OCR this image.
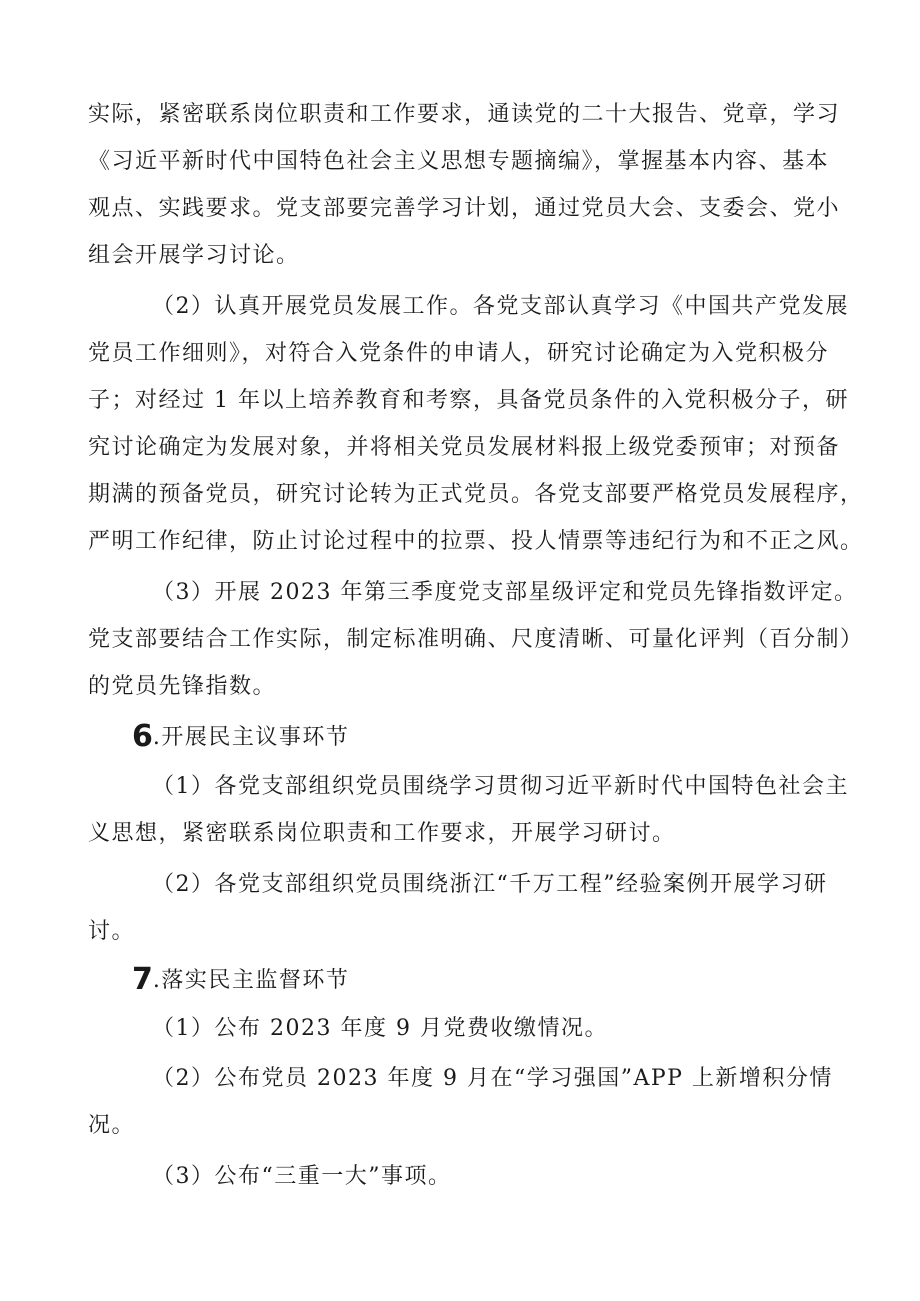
实际，紧密联系岗位职责和工作要求，通读党的二十大报告、党章，学习
《习近平新时代中国特色社会主义思想专题摘编》，掌握基本内容、基本
观点、实践要求。党支部要完善学习计划，通过党员大会、支委会、党小
组会开展学习讨论。
（2）认真开展党员发展工作。各党支部认真学习《中国共产党发展
党员工作细则》，对符合入党条件的申请人，研究讨论确定为入党积极分
子；对经过 1 年以上培养教育和考察，具备党员条件的入党积极分子，研
究讨论确定为发展对象，并将相关党员发展材料报上级党委预审；对预备
期满的预备党员，研究讨论转为正式党员。各党支部要严格党员发展程序，
严明工作纪律，防止讨论过程中的拉票、投人情票等违纪行为和不正之风。
（3）开展 2023 年第三季度党支部星级评定和党员先锋指数评定。
党支部要结合工作实际，制定标准明确、尺度清晰、可量化评判（百分制）
的党员先锋指数。
6.开展民主议事环节
（1）各党支部组织党员围绕学习贯彻习近平新时代中国特色社会主
义思想，紧密联系岗位职责和工作要求，开展学习研讨。
（2）各党支部组织党员围绕浙江“千万工程”经验案例开展学习研
讨。
7.落实民主监督环节
（1）公布 2023 年度 9 月党费收缴情况。
（2）公布党员 2023 年度 9 月在“学习强国”APP 上新增积分情
况。
（3）公布“三重一大”事项。
